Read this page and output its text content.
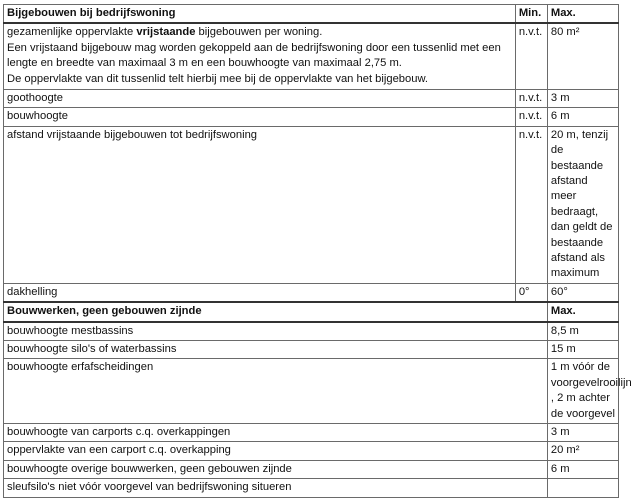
Bijgebouwen bij bedrijfswoning	Min.	Max.

gezamenlijke oppervlakte vrijstaande bijgebouwen per woning.
Een vrijstaand bijgebouw mag worden gekoppeld aan de bedrijfswoning door een tussenlid met een
lengte en breedte van maximaal 3 m en een bouwhoogte van maximaal 2,75 m.
De oppervlakte van dit tussenlid telt hierbij mee bij de oppervlakte van het bijgebouw.	n.v.t.	80 m²
goothoogte	n.v.t.	3 m
bouwhoogte	n.v.t.	6 m
afstand vrijstaande bijgebouwen tot bedrijfswoning	n.v.t.	20 m, tenzij de bestaande afstand meer bedraagt, dan geldt de bestaande afstand als maximum
dakhelling	0°	60°
Bouwwerken, geen gebouwen zijnde		Max.
bouwhoogte mestbassins		8,5 m
bouwhoogte silo's of waterbassins		15 m
bouwhoogte erfafscheidingen		1 m vóór de voorgevelrooilijn , 2 m achter de voorgevel
bouwhoogte van carports c.q. overkappingen		3 m
oppervlakte van een carport c.q. overkapping		20 m²
bouwhoogte overige bouwwerken, geen gebouwen zijnde		6 m
sleufsilo's niet vóór voorgevel van bedrijfswoning situeren		
